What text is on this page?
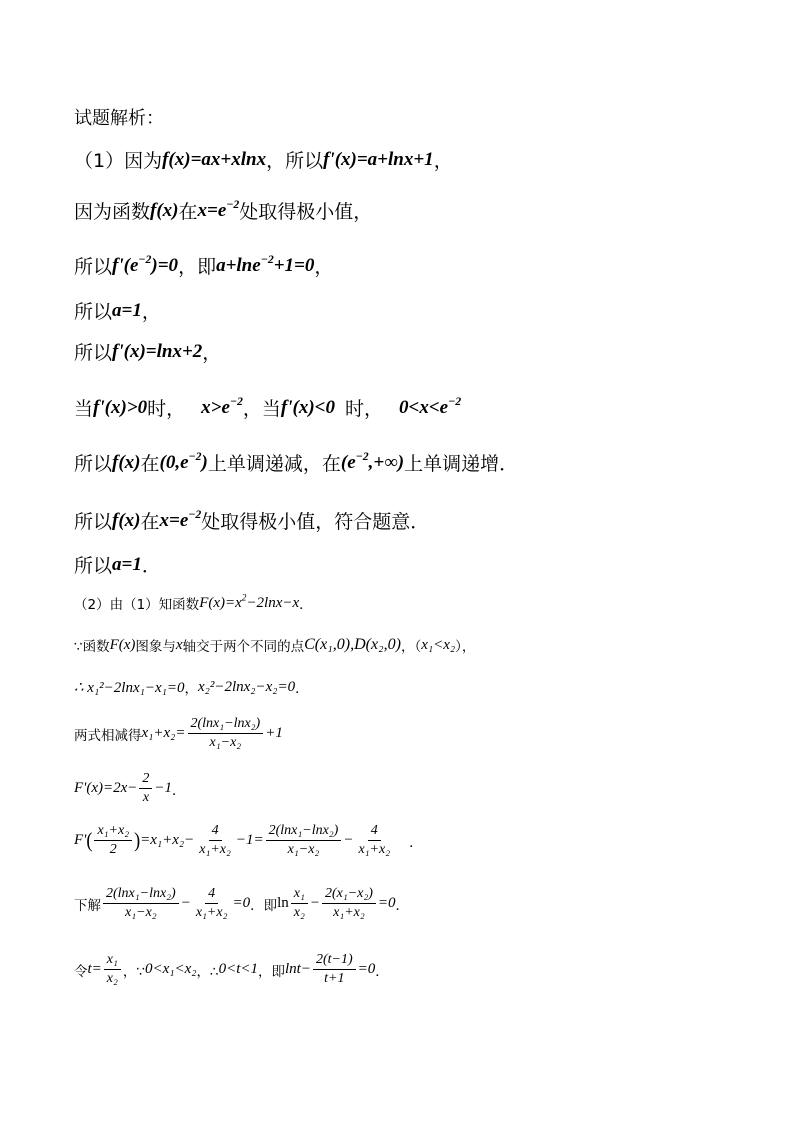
试题解析：
（1）因为 f(x)=ax+xlnx ，所以 f'(x)=a+lnx+1 ，
因为函数 f(x) 在 $x=e^{-2}$ 处取得极小值，
所以 $f'(e^{-2})=0$ ，即 a+lne$^{-2}$+1=0 ，
所以 a=1 ，
所以 f'(x)=lnx+2 ，
当 f'(x)>0 时， $x>e^{-2}$ ，当 f'(x)<0 时， $0<x<e^{-2}$
所以 f(x) 在 $(0,e^{-2})$ 上单调递减，在 $(e^{-2},+\infty)$ 上单调递增．
所以 f(x) 在 $x=e^{-2}$ 处取得极小值，符合题意．
所以 a=1 ．
（2）由（1）知函数 $F(x)=x^2-2\ln x-x$ ．
∵函数 F(x) 图象与 x 轴交于两个不同的点 C(x₁,0),D(x₂,0) ，（ x₁<x₂ ），
∴ x₁²−2lnx₁−x₁=0 ， x₂²−2lnx₂−x₂=0 ．
两式相减得 $x_1+x_2= \frac{\text{2(lnx₁−lnx₂)}}{\text{x₁−x₂}} +1$
$F'(x)=2x- \frac{2}{x} -1$ ．
F' ( $\frac{\text{x₁+x₂}}{2}$ ) $=x_1+x_2- \frac{4}{\text{x₁+x₂}} -1= \frac{\text{2(lnx₁−lnx₂)}}{\text{x₁−x₂}} - \frac{4}{\text{x₁+x₂}}$ ．
下解 $\frac{\text{2(lnx₁−lnx₂)}}{\text{x₁−x₂}} - \frac{4}{\text{x₁+x₂}} =0$ ．即 $\ln \frac{\text{x₁}}{\text{x₂}} - \frac{\text{2(x₁−x₂)}}{\text{x₁+x₂}} =0$ ．
令 $t= \frac{\text{x₁}}{\text{x₂}}$ ，∵ 0<x₁<x₂ ，∴ 0<t<1 ，即 $\ln t- \frac{2(t-1)}{t+1} =0$ ．
